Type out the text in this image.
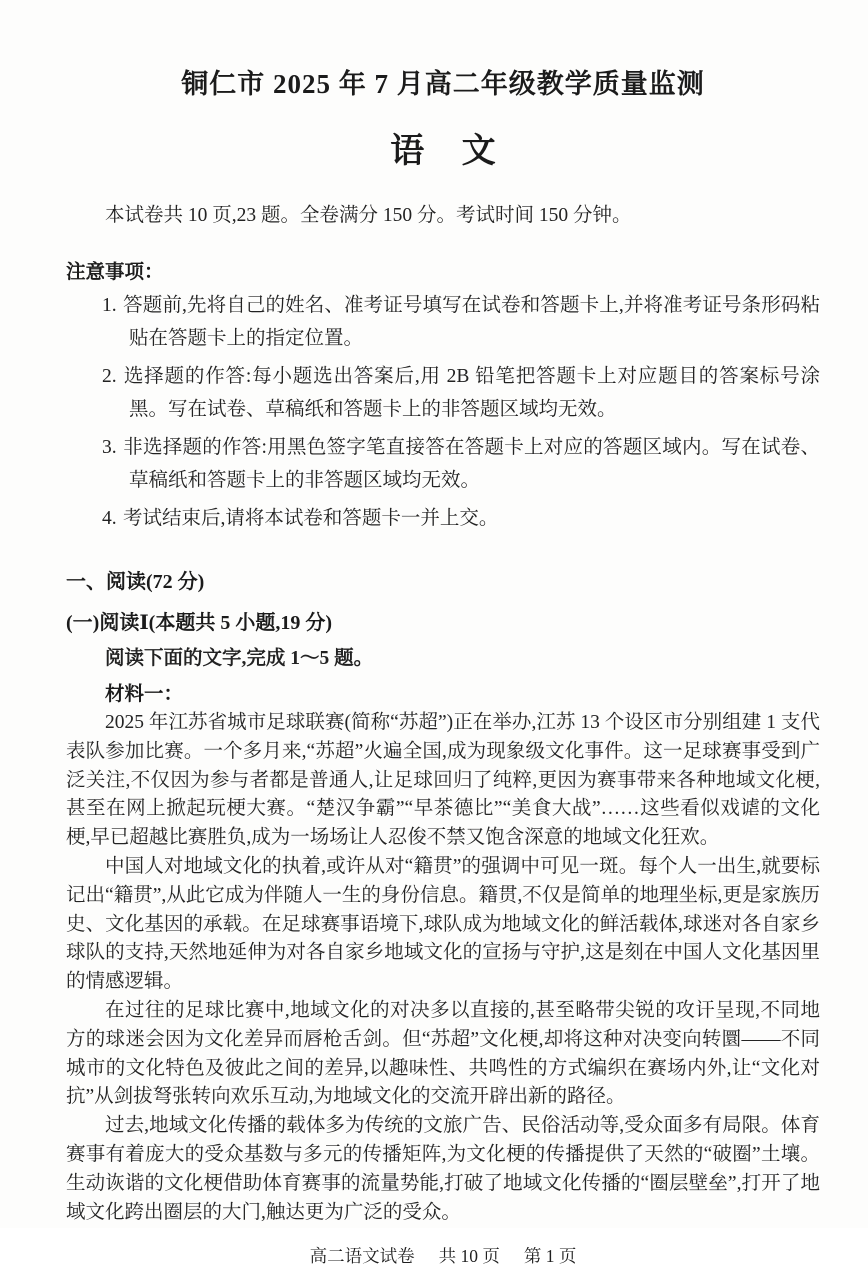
铜仁市 2025 年 7 月高二年级教学质量监测
语文

本试卷共 10 页,23 题。全卷满分 150 分。考试时间 150 分钟。

注意事项：
1. 答题前,先将自己的姓名、准考证号填写在试卷和答题卡上,并将准考证号条形码粘贴在答题卡上的指定位置。
2. 选择题的作答:每小题选出答案后,用 2B 铅笔把答题卡上对应题目的答案标号涂黑。写在试卷、草稿纸和答题卡上的非答题区域均无效。
3. 非选择题的作答:用黑色签字笔直接答在答题卡上对应的答题区域内。写在试卷、草稿纸和答题卡上的非答题区域均无效。
4. 考试结束后,请将本试卷和答题卡一并上交。
一、阅读(72 分)
(一)阅读Ⅰ(本题共 5 小题,19 分)

阅读下面的文字,完成 1～5 题。

材料一：

2025 年江苏省城市足球联赛(简称“苏超”)正在举办,江苏 13 个设区市分别组建 1 支代表队参加比赛。一个多月来,“苏超”火遍全国,成为现象级文化事件。这一足球赛事受到广泛关注,不仅因为参与者都是普通人,让足球回归了纯粹,更因为赛事带来各种地域文化梗,甚至在网上掀起玩梗大赛。“楚汉争霸”“早茶德比”“美食大战”……这些看似戏谑的文化梗,早已超越比赛胜负,成为一场场让人忍俊不禁又饱含深意的地域文化狂欢。

中国人对地域文化的执着,或许从对“籍贯”的强调中可见一斑。每个人一出生,就要标记出“籍贯”,从此它成为伴随人一生的身份信息。籍贯,不仅是简单的地理坐标,更是家族历史、文化基因的承载。在足球赛事语境下,球队成为地域文化的鲜活载体,球迷对各自家乡球队的支持,天然地延伸为对各自家乡地域文化的宣扬与守护,这是刻在中国人文化基因里的情感逻辑。

在过往的足球比赛中,地域文化的对决多以直接的,甚至略带尖锐的攻讦呈现,不同地方的球迷会因为文化差异而唇枪舌剑。但“苏超”文化梗,却将这种对决变向转圜——不同城市的文化特色及彼此之间的差异,以趣味性、共鸣性的方式编织在赛场内外,让“文化对抗”从剑拔弩张转向欢乐互动,为地域文化的交流开辟出新的路径。

过去,地域文化传播的载体多为传统的文旅广告、民俗活动等,受众面多有局限。体育赛事有着庞大的受众基数与多元的传播矩阵,为文化梗的传播提供了天然的“破圈”土壤。生动诙谐的文化梗借助体育赛事的流量势能,打破了地域文化传播的“圈层壁垒”,打开了地域文化跨出圈层的大门,触达更为广泛的受众。

高二语文试卷 共 10 页 第 1 页
